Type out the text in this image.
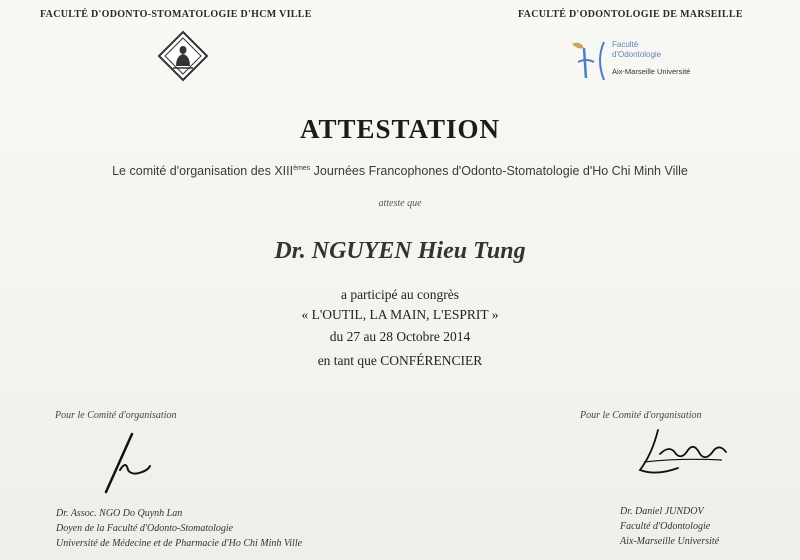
FACULTÉ D'ODONTO-STOMATOLOGIE D'HCM VILLE	FACULTÉ D'ODONTOLOGIE DE MARSEILLE
Faculté
d'Odontologie
Aix-Marseille Université
ATTESTATION
Le comité d'organisation des XIIIèmes Journées Francophones d'Odonto-Stomatologie d'Ho Chi Minh Ville
atteste que
Dr. NGUYEN Hieu Tung
a participé au congrès
« L'OUTIL, LA MAIN, L'ESPRIT »
du 27 au 28 Octobre 2014
en tant que CONFÉRENCIER
Pour le Comité d'organisation	Pour le Comité d'organisation
Dr. Assoc. NGO Do Quynh Lan
Doyen de la Faculté d'Odonto-Stomatologie
Université de Médecine et de Pharmacie d'Ho Chi Minh Ville
Dr. Daniel JUNDOV
Faculté d'Odontologie
Aix-Marseille Université
